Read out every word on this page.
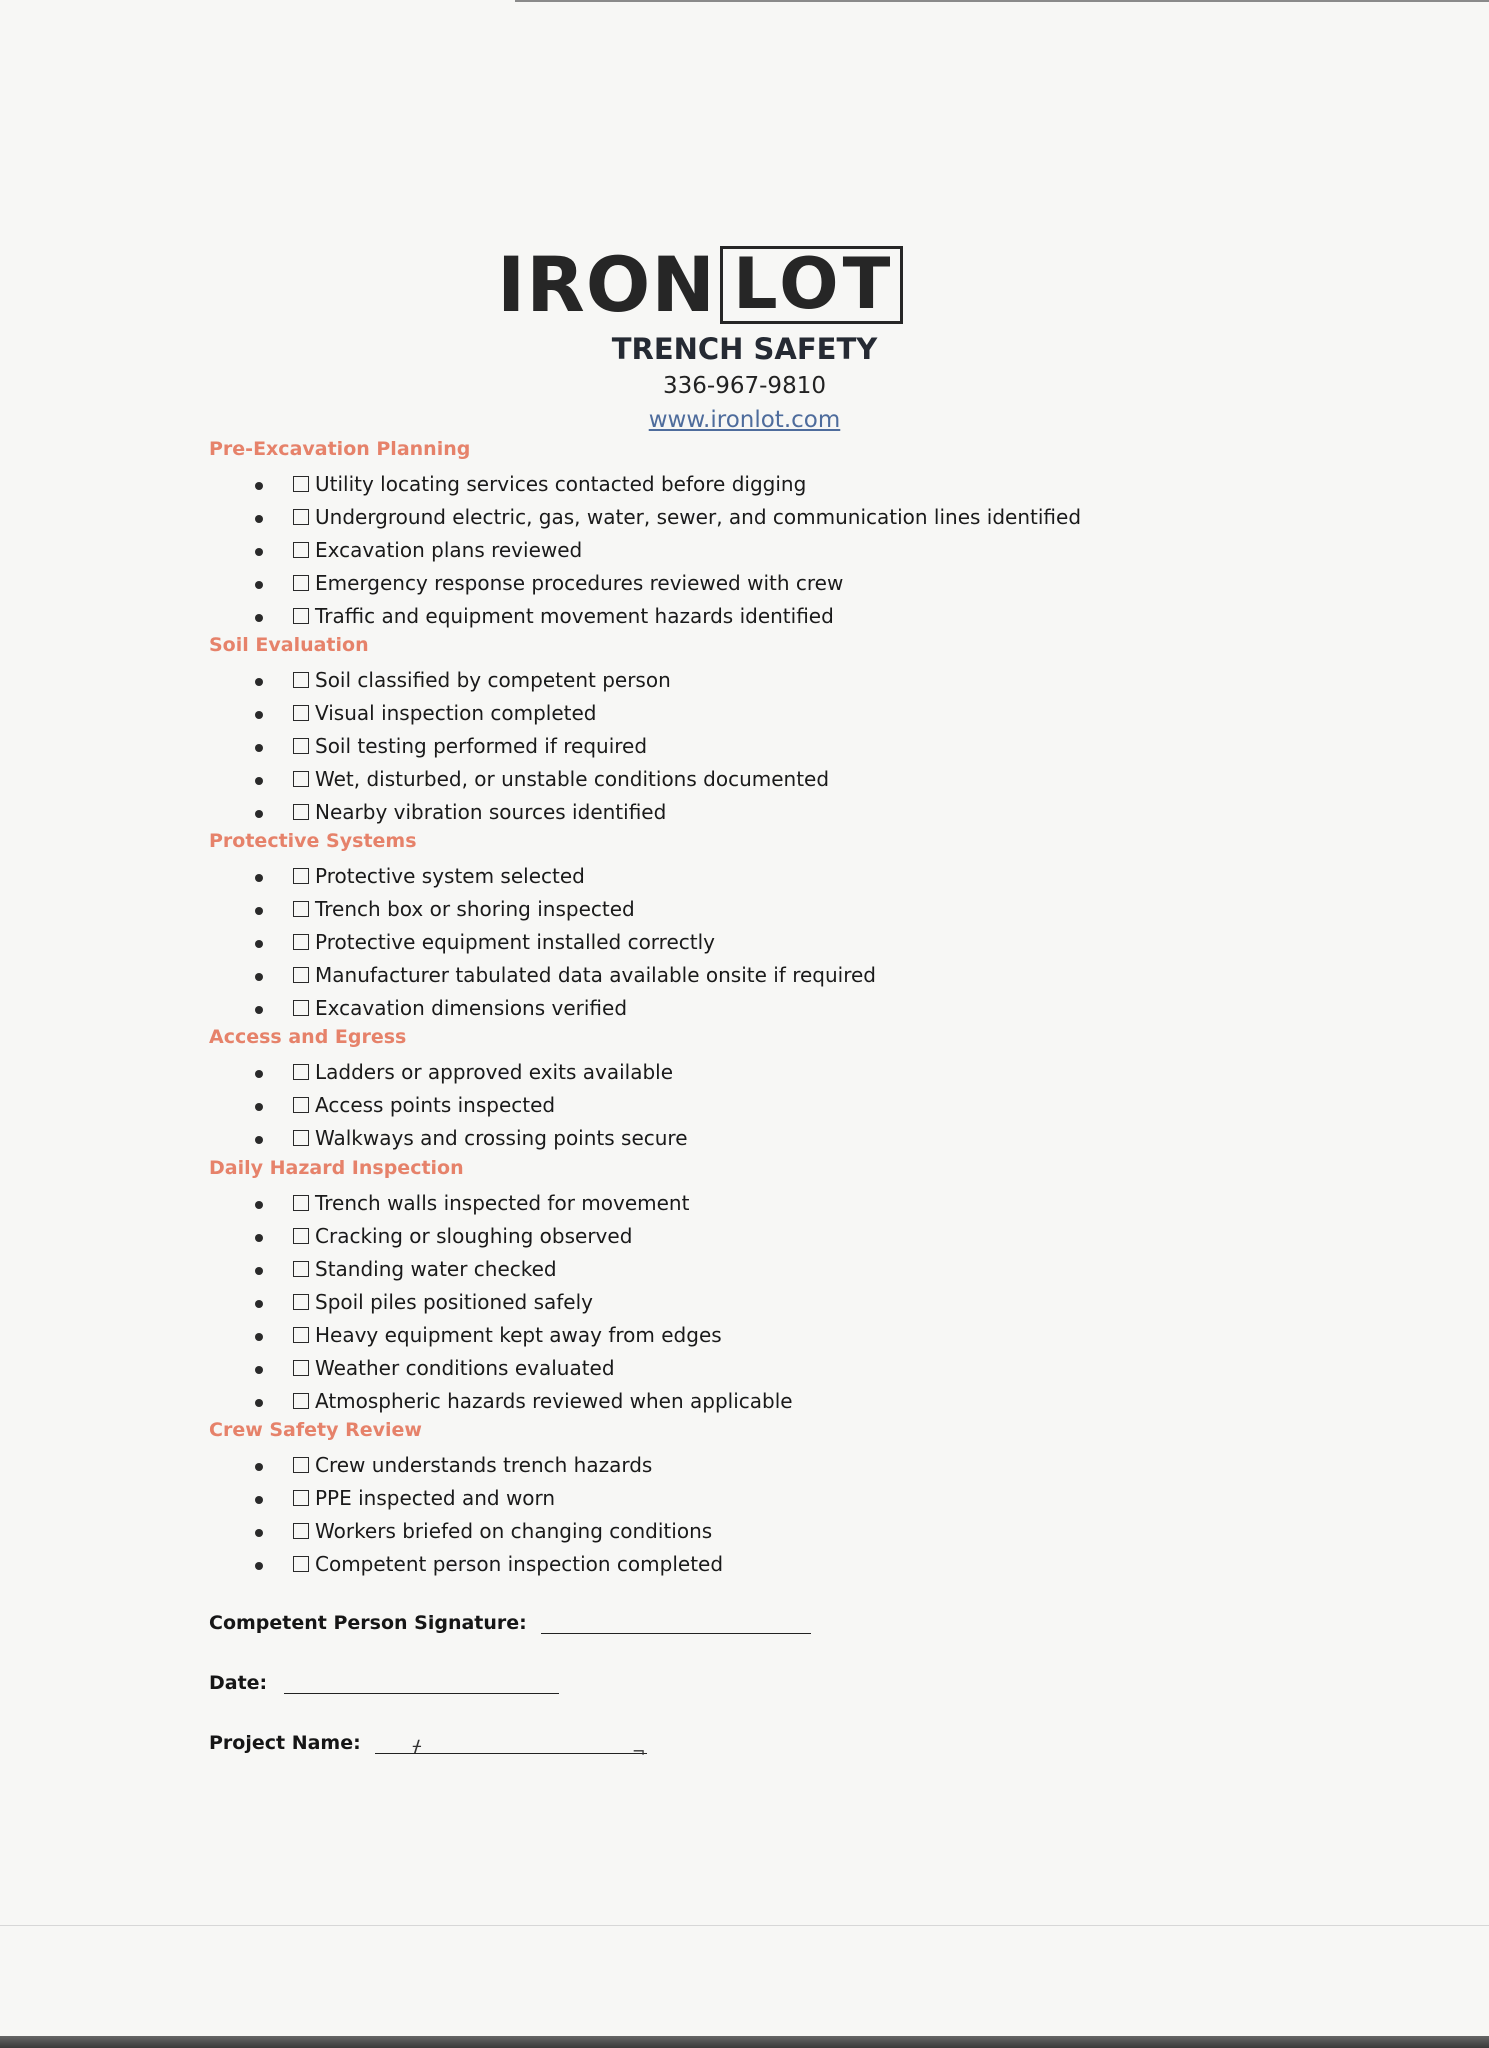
IRON LOT
TRENCH SAFETY
336-967-9810
www.ironlot.com
Pre-Excavation Planning
Utility locating services contacted before digging
Underground electric, gas, water, sewer, and communication lines identified
Excavation plans reviewed
Emergency response procedures reviewed with crew
Traffic and equipment movement hazards identified
Soil Evaluation
Soil classified by competent person
Visual inspection completed
Soil testing performed if required
Wet, disturbed, or unstable conditions documented
Nearby vibration sources identified
Protective Systems
Protective system selected
Trench box or shoring inspected
Protective equipment installed correctly
Manufacturer tabulated data available onsite if required
Excavation dimensions verified
Access and Egress
Ladders or approved exits available
Access points inspected
Walkways and crossing points secure
Daily Hazard Inspection
Trench walls inspected for movement
Cracking or sloughing observed
Standing water checked
Spoil piles positioned safely
Heavy equipment kept away from edges
Weather conditions evaluated
Atmospheric hazards reviewed when applicable
Crew Safety Review
Crew understands trench hazards
PPE inspected and worn
Workers briefed on changing conditions
Competent person inspection completed
Competent Person Signature:
Date:
Project Name:	ᚋ	¬
